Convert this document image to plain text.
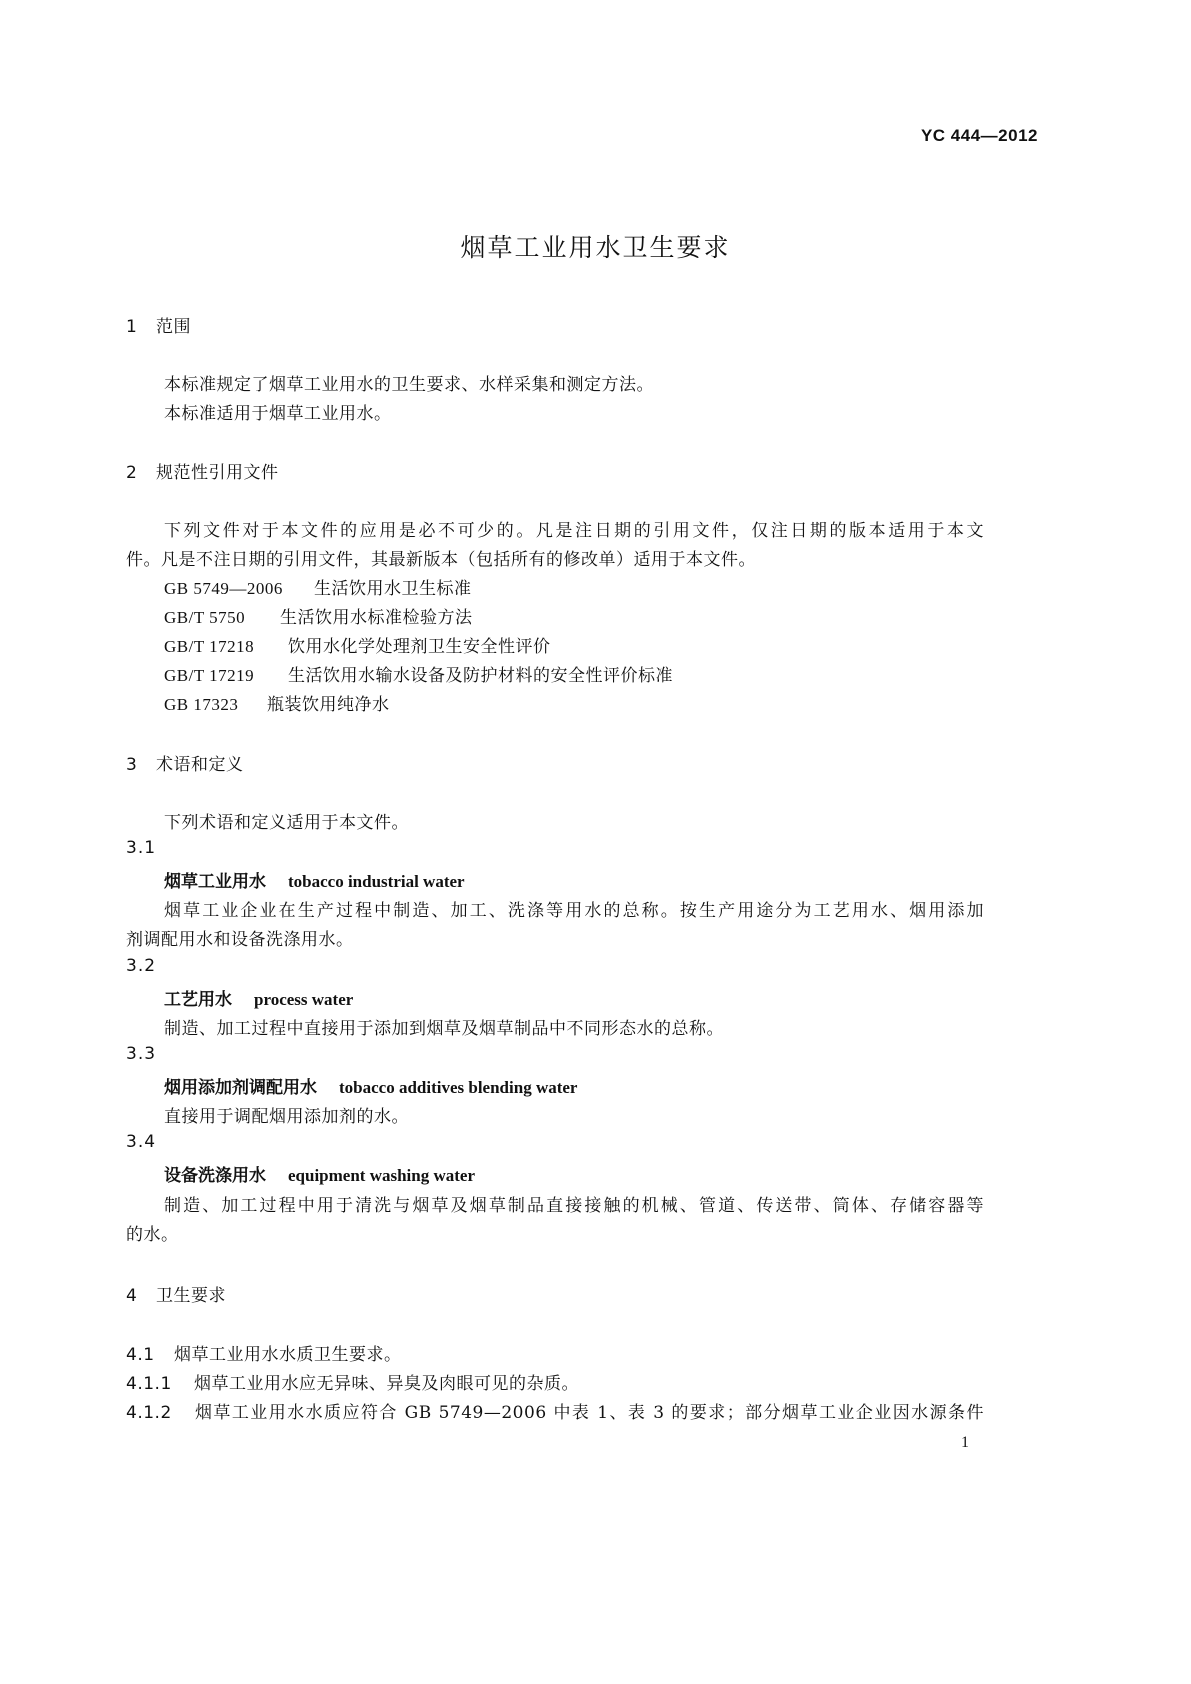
YC 444—2012
烟草工业用水卫生要求
1 范围
本标准规定了烟草工业用水的卫生要求、水样采集和测定方法。
本标准适用于烟草工业用水。
2 规范性引用文件
下列文件对于本文件的应用是必不可少的。凡是注日期的引用文件，仅注日期的版本适用于本文
件。凡是不注日期的引用文件，其最新版本（包括所有的修改单）适用于本文件。
GB 5749—2006 生活饮用水卫生标准
GB/T 5750 生活饮用水标准检验方法
GB/T 17218 饮用水化学处理剂卫生安全性评价
GB/T 17219 生活饮用水输水设备及防护材料的安全性评价标准
GB 17323 瓶装饮用纯净水
3 术语和定义
下列术语和定义适用于本文件。
3.1
烟草工业用水 tobacco industrial water
烟草工业企业在生产过程中制造、加工、洗涤等用水的总称。按生产用途分为工艺用水、烟用添加
剂调配用水和设备洗涤用水。
3.2
工艺用水 process water
制造、加工过程中直接用于添加到烟草及烟草制品中不同形态水的总称。
3.3
烟用添加剂调配用水 tobacco additives blending water
直接用于调配烟用添加剂的水。
3.4
设备洗涤用水 equipment washing water
制造、加工过程中用于清洗与烟草及烟草制品直接接触的机械、管道、传送带、筒体、存储容器等
的水。
4 卫生要求
4.1 烟草工业用水水质卫生要求。
4.1.1 烟草工业用水应无异味、异臭及肉眼可见的杂质。
4.1.2 烟草工业用水水质应符合 GB 5749—2006 中表 1、表 3 的要求；部分烟草工业企业因水源条件
1
